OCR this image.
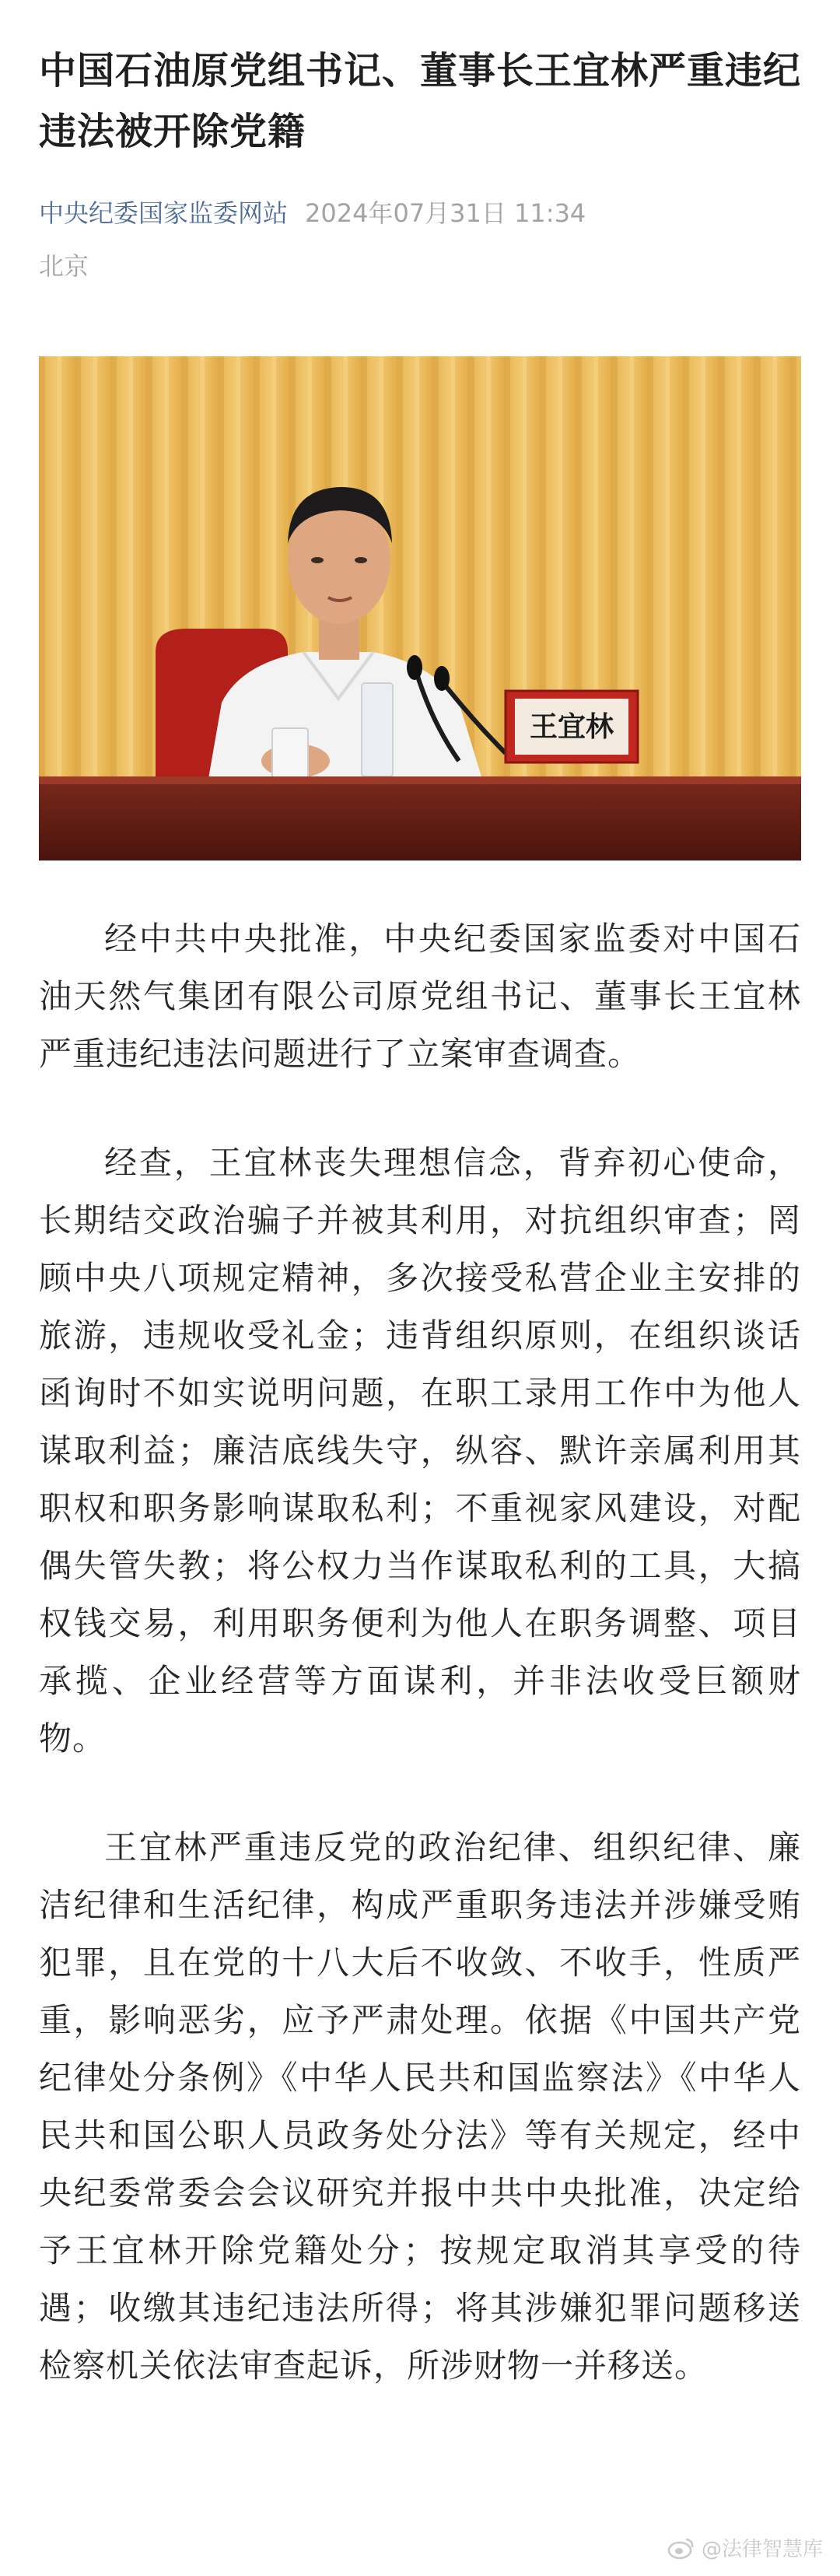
中国石油原党组书记、董事长王宜林严重违纪违法被开除党籍
中央纪委国家监委网站 2024年07月31日 11:34
北京
王宜林

经中共中央批准，中央纪委国家监委对中国石油天然气集团有限公司原党组书记、董事长王宜林严重违纪违法问题进行了立案审查调查。

经查，王宜林丧失理想信念，背弃初心使命，长期结交政治骗子并被其利用，对抗组织审查；罔顾中央八项规定精神，多次接受私营企业主安排的旅游，违规收受礼金；违背组织原则，在组织谈话函询时不如实说明问题，在职工录用工作中为他人谋取利益；廉洁底线失守，纵容、默许亲属利用其职权和职务影响谋取私利；不重视家风建设，对配偶失管失教；将公权力当作谋取私利的工具，大搞权钱交易，利用职务便利为他人在职务调整、项目承揽、企业经营等方面谋利，并非法收受巨额财物。

王宜林严重违反党的政治纪律、组织纪律、廉洁纪律和生活纪律，构成严重职务违法并涉嫌受贿犯罪，且在党的十八大后不收敛、不收手，性质严重，影响恶劣，应予严肃处理。依据《中国共产党纪律处分条例》《中华人民共和国监察法》《中华人民共和国公职人员政务处分法》等有关规定，经中央纪委常委会会议研究并报中共中央批准，决定给予王宜林开除党籍处分；按规定取消其享受的待遇；收缴其违纪违法所得；将其涉嫌犯罪问题移送检察机关依法审查起诉，所涉财物一并移送。

@法律智慧库
